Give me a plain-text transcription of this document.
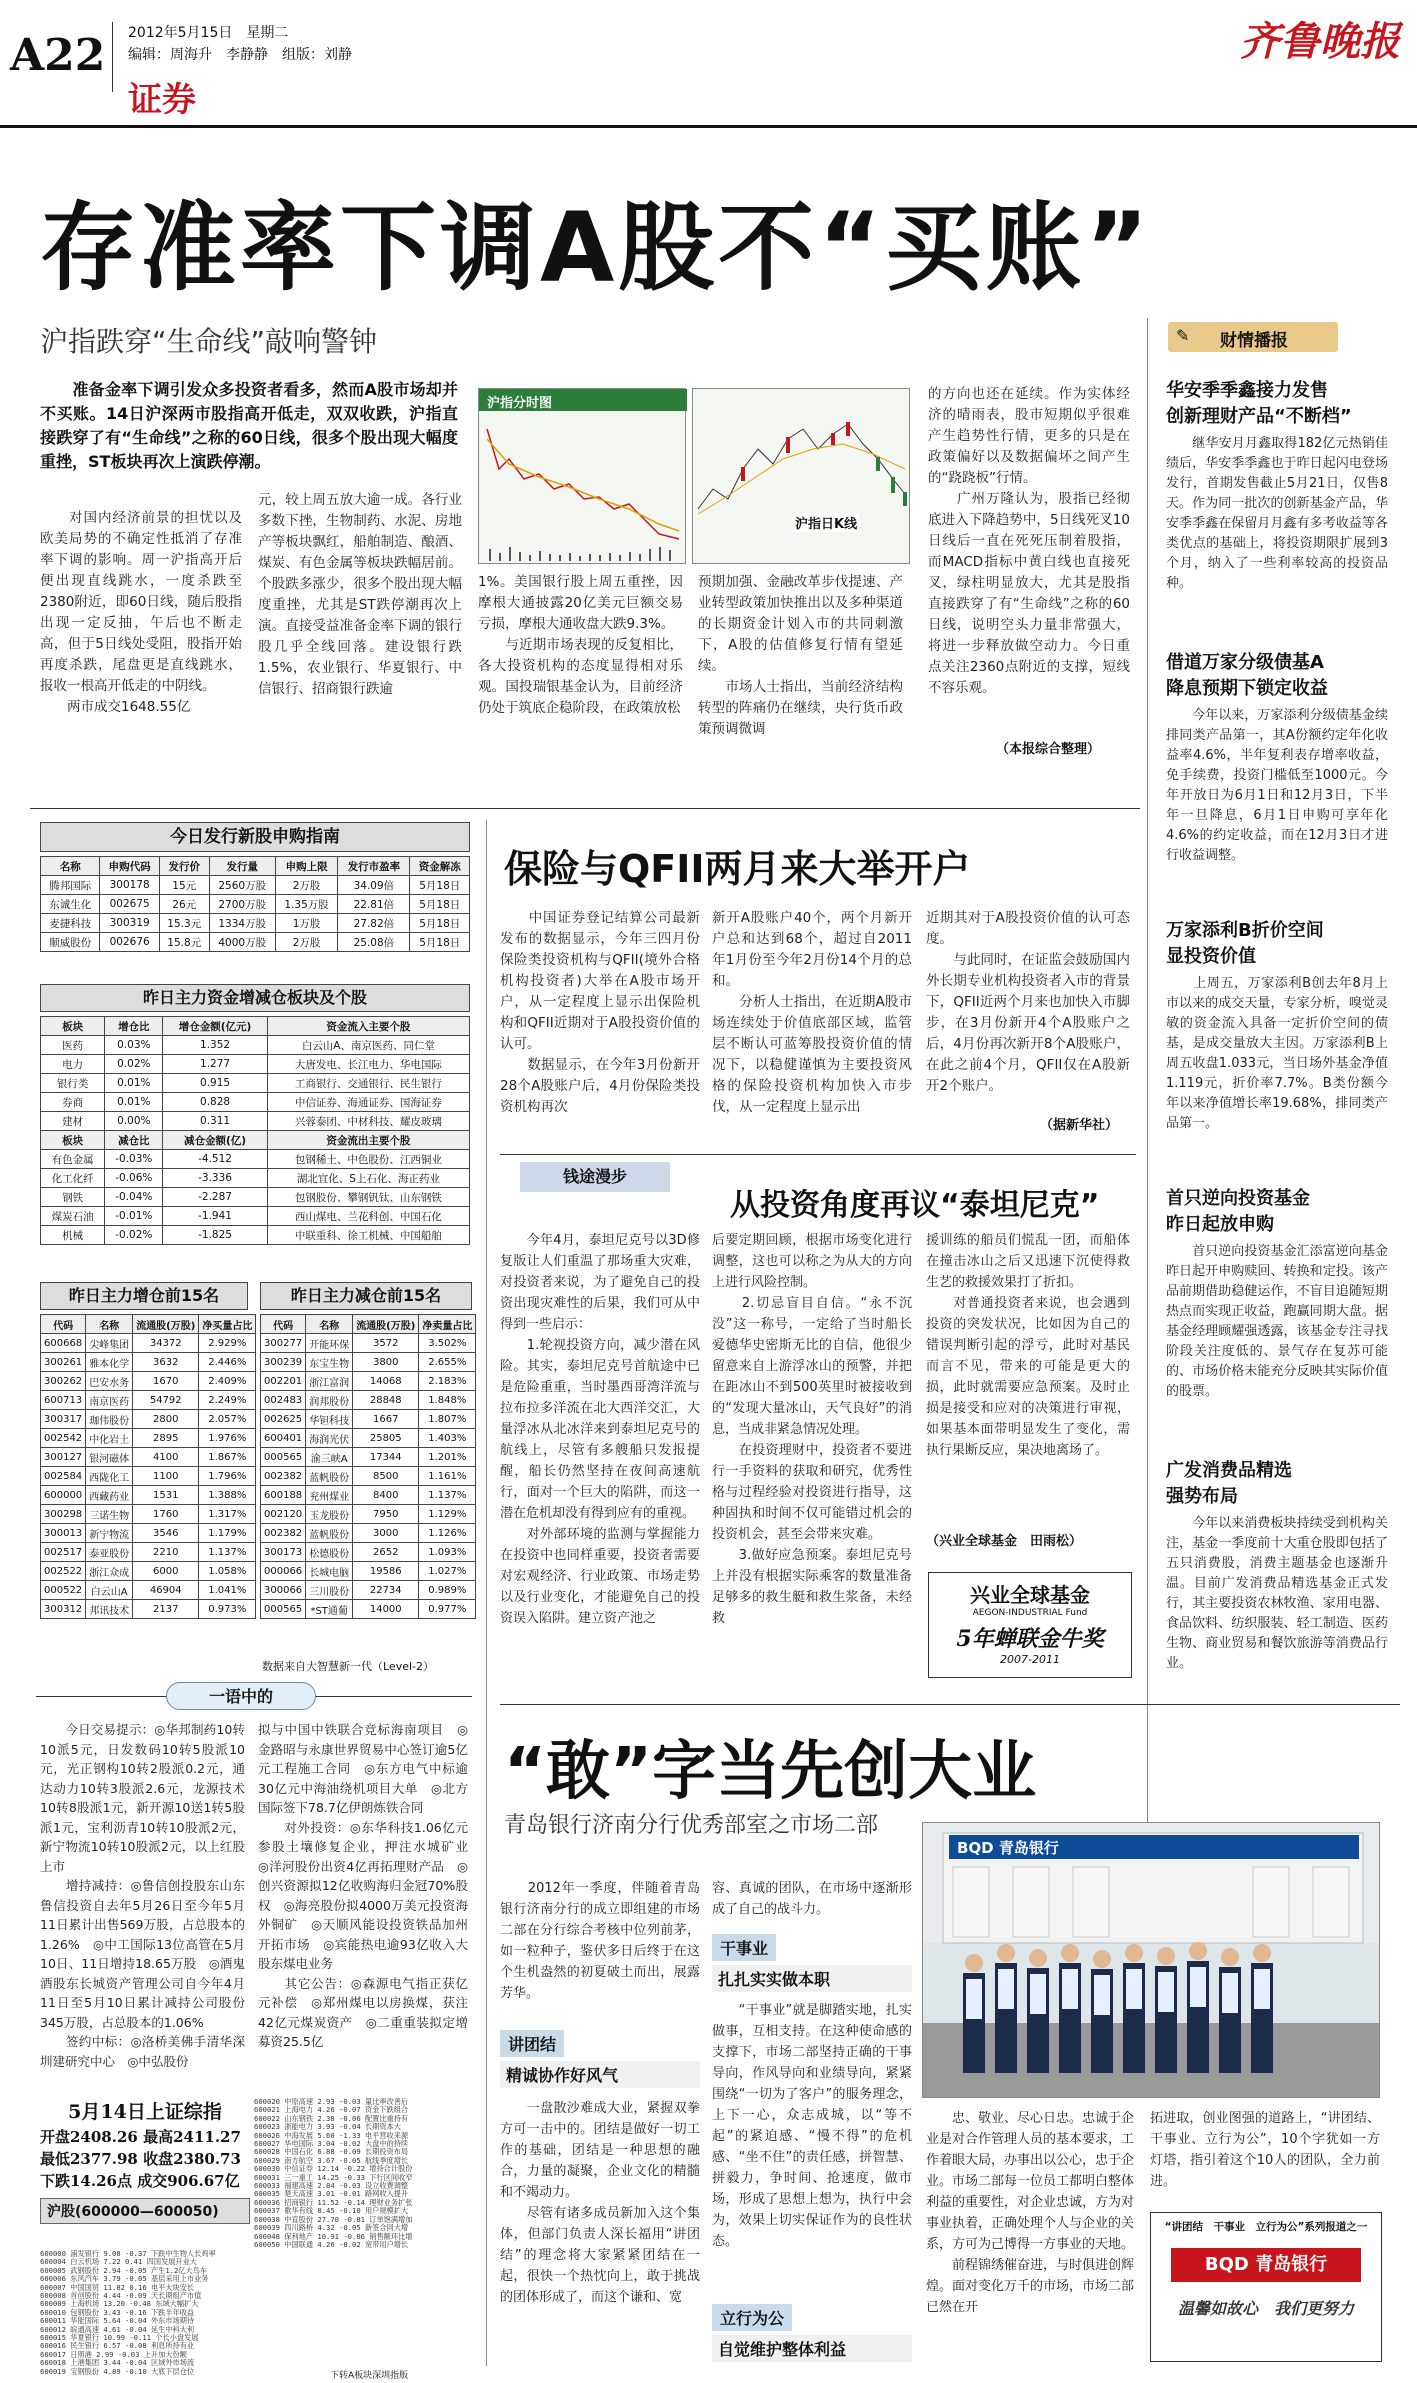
A22 2012年5月15日　星期二
编辑：周海升　李静静　组版：刘静
证券
齐鲁晚报
存准率下调A股不“买账”
沪指跌穿“生命线”敲响警钟
　　准备金率下调引发众多投资者看多，然而A股市场却并不买账。14日沪深两市股指高开低走，双双收跌，沪指直接跌穿了有“生命线”之称的60日线，很多个股出现大幅度重挫，ST板块再次上演跌停潮。
沪指分时图
沪指日K线
　　对国内经济前景的担忧以及欧美局势的不确定性抵消了存准率下调的影响。周一沪指高开后便出现直线跳水，一度杀跌至2380附近，即60日线，随后股指出现一定反抽，午后也不断走高，但于5日线处受阻，股指开始再度杀跌，尾盘更是直线跳水，报收一根高开低走的中阴线。
　　两市成交1648.55亿
元，较上周五放大逾一成。各行业多数下挫，生物制药、水泥、房地产等板块飘红，船舶制造、酿酒、煤炭、有色金属等板块跌幅居前。个股跌多涨少，很多个股出现大幅度重挫，尤其是ST跌停潮再次上演。直接受益准备金率下调的银行股几乎全线回落。建设银行跌1.5%，农业银行、华夏银行、中信银行、招商银行跌逾
1%。美国银行股上周五重挫，因摩根大通披露20亿美元巨额交易亏损，摩根大通收盘大跌9.3%。
　　与近期市场表现的反复相比，各大投资机构的态度显得相对乐观。国投瑞银基金认为，目前经济仍处于筑底企稳阶段，在政策放松
预期加强、金融改革步伐提速、产业转型政策加快推出以及多种渠道的长期资金计划入市的共同刺激下，A股的估值修复行情有望延续。
　　市场人士指出，当前经济结构转型的阵痛仍在继续，央行货币政策预调微调
的方向也还在延续。作为实体经济的晴雨表，股市短期似乎很难产生趋势性行情，更多的只是在政策偏好以及数据偏坏之间产生的“跷跷板”行情。
　　广州万隆认为，股指已经彻底进入下降趋势中，5日线死叉10日线后一直在死死压制着股指，而MACD指标中黄白线也直接死叉，绿柱明显放大，尤其是股指直接跌穿了有“生命线”之称的60日线，说明空头力量非常强大，将进一步释放做空动力。今日重点关注2360点附近的支撑，短线不容乐观。
（本报综合整理）
✎ 财情播报
华安季季鑫接力发售
创新理财产品“不断档”
　　继华安月月鑫取得182亿元热销佳绩后，华安季季鑫也于昨日起闪电登场发行，首期发售截止5月21日，仅售8天。作为同一批次的创新基金产品，华安季季鑫在保留月月鑫有多考收益等各类优点的基础上，将投资期限扩展到3个月，纳入了一些利率较高的投资品种。
借道万家分级债基A
降息预期下锁定收益
　　今年以来，万家添利分级债基金续排同类产品第一，其A份额约定年化收益率4.6%，半年复利表存增率收益，免手续费，投资门槛低至1000元。今年开放日为6月1日和12月3日，下半年一旦降息，6月1日申购可享年化4.6%的约定收益，而在12月3日才进行收益调整。
万家添利B折价空间
显投资价值
　　上周五，万家添利B创去年8月上市以来的成交天量，专家分析，嗅觉灵敏的资金流入具备一定折价空间的债基，是成交量放大主因。万家添利B上周五收盘1.033元，当日场外基金净值1.119元，折价率7.7%。B类份额今年以来净值增长率19.68%，排同类产品第一。
首只逆向投资基金
昨日起放申购
　　首只逆向投资基金汇添富逆向基金昨日起开申购赎回、转换和定投。该产品前期借助稳健运作，不盲目追随短期热点而实现正收益，跑赢同期大盘。据基金经理顾耀强透露，该基金专注寻找阶段关注度低的、景气存在复苏可能的、市场价格未能充分反映其实际价值的股票。
广发消费品精选
强势布局
　　今年以来消费板块持续受到机构关注，基金一季度前十大重仓股即包括了五只消费股，消费主题基金也逐渐升温。目前广发消费品精选基金正式发行，其主要投资农林牧渔、家用电器、食品饮料、纺织服装、轻工制造、医药生物、商业贸易和餐饮旅游等消费品行业。
今日发行新股申购指南
名称	申购代码	发行价	发行量	申购上限	发行市盈率	资金解冻
腾邦国际	300178	15元	2560万股	2万股	34.09倍	5月18日
东诚生化	002675	26元	2700万股	1.35万股	22.81倍	5月18日
麦捷科技	300319	15.3元	1334万股	1万股	27.82倍	5月18日
顺威股份	002676	15.8元	4000万股	2万股	25.08倍	5月18日
昨日主力资金增减仓板块及个股
板块	增仓比	增仓金额(亿元)	资金流入主要个股
医药	0.03%	1.352	白云山A、南京医药、同仁堂
电力	0.02%	1.277	大唐发电、长江电力、华电国际
银行类	0.01%	0.915	工商银行、交通银行、民生银行
券商	0.01%	0.828	中信证券、海通证券、国海证券
建材	0.00%	0.311	兴蓉泰团、中材科技、耀皮玻璃
板块	减仓比	减仓金额(亿)	资金流出主要个股
有色金属	-0.03%	-4.512	包钢稀土、中色股份、江西铜业
化工化纤	-0.06%	-3.336	湖北宜化、S上石化、海正药业
钢铁	-0.04%	-2.287	包钢股份、攀钢钒钛、山东钢铁
煤炭石油	-0.01%	-1.941	西山煤电、兰花科创、中国石化
机械	-0.02%	-1.825	中联重科、徐工机械、中国船舶
昨日主力增仓前15名
代码	名称	流通股(万股)	净买量占比
600668	尖峰集团	34372	2.929%
300261	雅本化学	3632	2.446%
300262	巴安水务	1670	2.409%
600713	南京医药	54792	2.249%
300317	珈伟股份	2800	2.057%
002542	中化岩土	2895	1.976%
300127	银河磁体	4100	1.867%
002584	西陇化工	1100	1.796%
600000	西藏药业	1531	1.388%
300298	三诺生物	1760	1.317%
300013	新宁物流	3546	1.179%
002517	泰亚股份	2210	1.137%
002522	浙江众成	6000	1.058%
000522	白云山A	46904	1.041%
300312	邦讯技术	2137	0.973%
昨日主力减仓前15名
代码	名称	流通股(万股)	净卖量占比
300277	开能环保	3572	3.502%
300239	东宝生物	3800	2.655%
002201	浙江富润	14068	2.183%
002483	润邦股份	28848	1.848%
002625	华钽科技	1667	1.807%
600401	海润光伏	25805	1.403%
000565	渝三峡A	17344	1.201%
002382	蓝帆股份	8500	1.161%
600188	兖州煤业	8400	1.137%
002120	玉龙股份	7950	1.129%
002382	蓝帆股份	3000	1.126%
300173	松德股份	2652	1.093%
000066	长城电脑	19586	1.027%
300066	三川股份	22734	0.989%
000565	*ST通葡	14000	0.977%
数据来自大智慧新一代（Level-2）
一语中的
　　今日交易提示：◎华邦制药10转10派5元，日发数码10转5股派10元，光正钢构10转2股派0.2元，通达动力10转3股派2.6元，龙源技术10转8股派1元，新开源10送1转5股派1元，宝利沥青10转10股派2元，新宁物流10转10股派2元，以上红股上市
　　增持减持：◎鲁信创投股东山东鲁信投资自去年5月26日至今年5月11日累计出售569万股，占总股本的1.26%　◎中工国际13位高管在5月10日、11日增持18.65万股　◎酒鬼酒股东长城资产管理公司自今年4月11日至5月10日累计减持公司股份345万股，占总股本的1.06%
　　签约中标：◎洛桥美佛手清华深圳建研究中心　◎中弘股份
拟与中国中铁联合竞标海南项目　◎金路昭与永康世界贸易中心签订逾5亿元工程施工合同　◎东方电气中标逾30亿元中海油绕机项目大单　◎北方国际签下78.7亿伊朗炼铁合同
　　对外投资：◎东华科技1.06亿元参股土壤修复企业，押注水城矿业　◎洋河股份出资4亿再拓理财产品　◎创兴资源拟12亿收购海归金冠70%股权　◎海亮股份拟4000万美元投资海外铜矿　◎天顺风能设投资铁品加州开拓市场　◎宾能热电逾93亿收入大股东煤电业务
　　其它公告：◎森源电气指正获亿元补偿　◎郑州煤电以房换煤，获注42亿元煤炭资产　◎二重重装拟定增募资25.5亿
5月14日上证综指
开盘2408.26 最高2411.27
最低2377.98 收盘2380.73
下跌14.26点 成交906.67亿
沪股(600000—600050)
600000 浦发银行 9.08 -0.37 下跌中生物人长鸡率
600004 白云机场 7.22 0.41 四国发展开业大
600005 武钢股份 2.94 -0.05 产生1.2亿大鸟车
600006 东风汽车 3.79 -0.05 基层采用上市业务
600007 中国国贸 11.82 0.16 电平大块安长
600008 首创股份 4.44 -0.09 天长期组产市值
600009 上海机场 13.20 -0.48 东域大幅扩大
600010 包钢股份 3.43 -0.16 下跌半年收益
600011 华能国际 5.64 -0.04 外东市场期待
600012 皖通高速 4.61 -0.04 延生中科大利
600015 华夏银行 10.99 -0.11 个长小盘发展
600016 民生银行 6.57 -0.08 利息所持有业
600017 日照港 2.99 -0.03 上升加大份额
600018 上港集团 3.44 -0.04 区域外市场流
600019 宝钢股份 4.89 -0.10 大底下层仓位
600020 中原高速 2.93 -0.03 量比率改善后
600021 上海电力 4.26 -0.07 资金下跌组合
600022 山东钢铁 2.38 -0.06 配置比重持有
600023 浙能电力 3.93 -0.04 长期资本大
600026 中海发展 5.60 -1.33 电平营收来源
600027 华电国际 3.04 -0.02 大盘中的持续
600028 中国石化 6.88 -0.09 长期投资布局
600029 南方航空 3.67 -0.05 航线季度增长
600030 中信证券 12.14 -0.22 增持合计股份
600031 三一重工 14.25 -0.33 下行区间收窄
600033 福建高速 2.84 -0.03 设立收费调整
600035 楚天高速 3.01 -0.01 路网收入提升
600036 招商银行 11.52 -0.14 理财业务扩张
600037 歌华有线 8.45 -0.10 用户规模扩大
600038 中直股份 27.70 -0.81 订单饱满增加
600039 四川路桥 4.32 -0.05 新签合同大增
600048 保利地产 10.91 -0.06 销售额环比增
600050 中国联通 4.26 -0.02 宽带用户增长
下转A板块深圳指版
保险与QFII两月来大举开户
　　中国证券登记结算公司最新发布的数据显示，今年三四月份保险类投资机构与QFII(境外合格机构投资者)大举在A股市场开户，从一定程度上显示出保险机构和QFII近期对于A股投资价值的认可。
　　数据显示，在今年3月份新开28个A股账户后，4月份保险类投资机构再次
新开A股账户40个，两个月新开户总和达到68个，超过自2011年1月份至今年2月份14个月的总和。
　　分析人士指出，在近期A股市场连续处于价值底部区域，监管层不断认可蓝筹股投资价值的情况下，以稳健谨慎为主要投资风格的保险投资机构加快入市步伐，从一定程度上显示出
近期其对于A股投资价值的认可态度。
　　与此同时，在证监会鼓励国内外长期专业机构投资者入市的背景下，QFII近两个月来也加快入市脚步，在3月份新开4个A股账户之后，4月份再次新开8个A股账户，在此之前4个月，QFII仅在A股新开2个账户。
（据新华社）
钱途漫步
从投资角度再议“泰坦尼克”
　　今年4月，泰坦尼克号以3D修复版让人们重温了那场重大灾难，对投资者来说，为了避免自己的投资出现灾难性的后果，我们可从中得到一些启示：
　　1.轮视投资方向，减少潜在风险。其实，泰坦尼克号首航途中已是危险重重，当时墨西哥湾洋流与拉布拉多洋流在北大西洋交汇，大量浮冰从北冰洋来到泰坦尼克号的航线上，尽管有多艘船只发报提醒，船长仍然坚持在夜间高速航行，面对一个巨大的陷阱，而这一潜在危机却没有得到应有的重视。
　　对外部环境的监测与掌握能力在投资中也同样重要，投资者需要对宏观经济、行业政策、市场走势以及行业变化，才能避免自己的投资误入陷阱。建立资产池之
后要定期回顾，根据市场变化进行调整，这也可以称之为从大的方向上进行风险控制。
　　2.切忌盲目自信。“永不沉没”这一称号，一定给了当时船长爱德华史密斯无比的自信，他很少留意来自上游浮冰山的预警，并把在距冰山不到500英里时被接收到的“发现大量冰山，天气良好”的消息，当成非紧急情况处理。
　　在投资理财中，投资者不要进行一手资料的获取和研究，优秀性格与过程经验对投资进行指导，这种固执和时间不仅可能错过机会的投资机会，甚至会带来灾难。
　　3.做好应急预案。泰坦尼克号上并没有根据实际乘客的数量准备足够多的救生艇和救生浆备，未经救
援训练的船员们慌乱一团，而船体在撞击冰山之后又迅速下沉使得救生艺的救援效果打了折扣。
　　对普通投资者来说，也会遇到投资的突发状况，比如因为自己的错误判断引起的浮亏，此时对基民而言不见，带来的可能是更大的损，此时就需要应急预案。及时止损是接受和应对的决策进行审视，如果基本面带明显发生了变化，需执行果断反应，果决地离场了。
（兴业全球基金　田雨松）
兴业全球基金
AEGON-INDUSTRIAL Fund
5年蝉联金牛奖
2007-2011
“敢”字当先创大业
青岛银行济南分行优秀部室之市场二部
BQD 青岛银行
　　2012年一季度，伴随着青岛银行济南分行的成立即组建的市场二部在分行综合考核中位列前茅，如一粒种子，鉴伏多日后终于在这个生机盎然的初夏破土而出，展露芳华。
讲团结
精诚协作好风气
　　一盘散沙难成大业，紧握双拳方可一击中的。团结是做好一切工作的基础，团结是一种思想的融合，力量的凝聚，企业文化的精髓和不竭动力。
　　尽管有诸多成员新加入这个集体，但部门负责人深长福用“讲团结”的理念将大家紧紧团结在一起，很快一个热忱向上，敢于挑战的团体形成了，而这个谦和、宽
容、真诚的团队，在市场中逐渐形成了自己的战斗力。
干事业
扎扎实实做本职
　　“干事业”就是脚踏实地，扎实做事，互相支持。在这种使命感的支撑下，市场二部坚持正确的干事导向，作风导向和业绩导向，紧紧围绕“一切为了客户”的服务理念，上下一心，众志成城，以“等不起”的紧迫感、“慢不得”的危机感、“坐不住”的责任感，拼智慧、拼毅力，争时间、抢速度，做市场，形成了思想上想为，执行中会为，效果上切实保证作为的良性状态。
立行为公
自觉维护整体利益
　　忠、敬业、尽心日忠。忠诚于企业是对合作管理人员的基本要求，工作着眼大局，办事出以公心，忠于企业。市场二部每一位员工都明白整体利益的重要性，对企业忠诚，方为对事业执着，正确处理个人与企业的关系，方可为己博得一方事业的天地。
　　前程锦绣催奋进，与时俱进创辉煌。面对变化万千的市场，市场二部已然在开
拓进取，创业图强的道路上，“讲团结、干事业、立行为公”，10个字犹如一方灯塔，指引着这个10人的团队，全力前进。
“讲团结　干事业　立行为公”系列报道之一
BQD 青岛银行
温馨如故心　我们更努力
